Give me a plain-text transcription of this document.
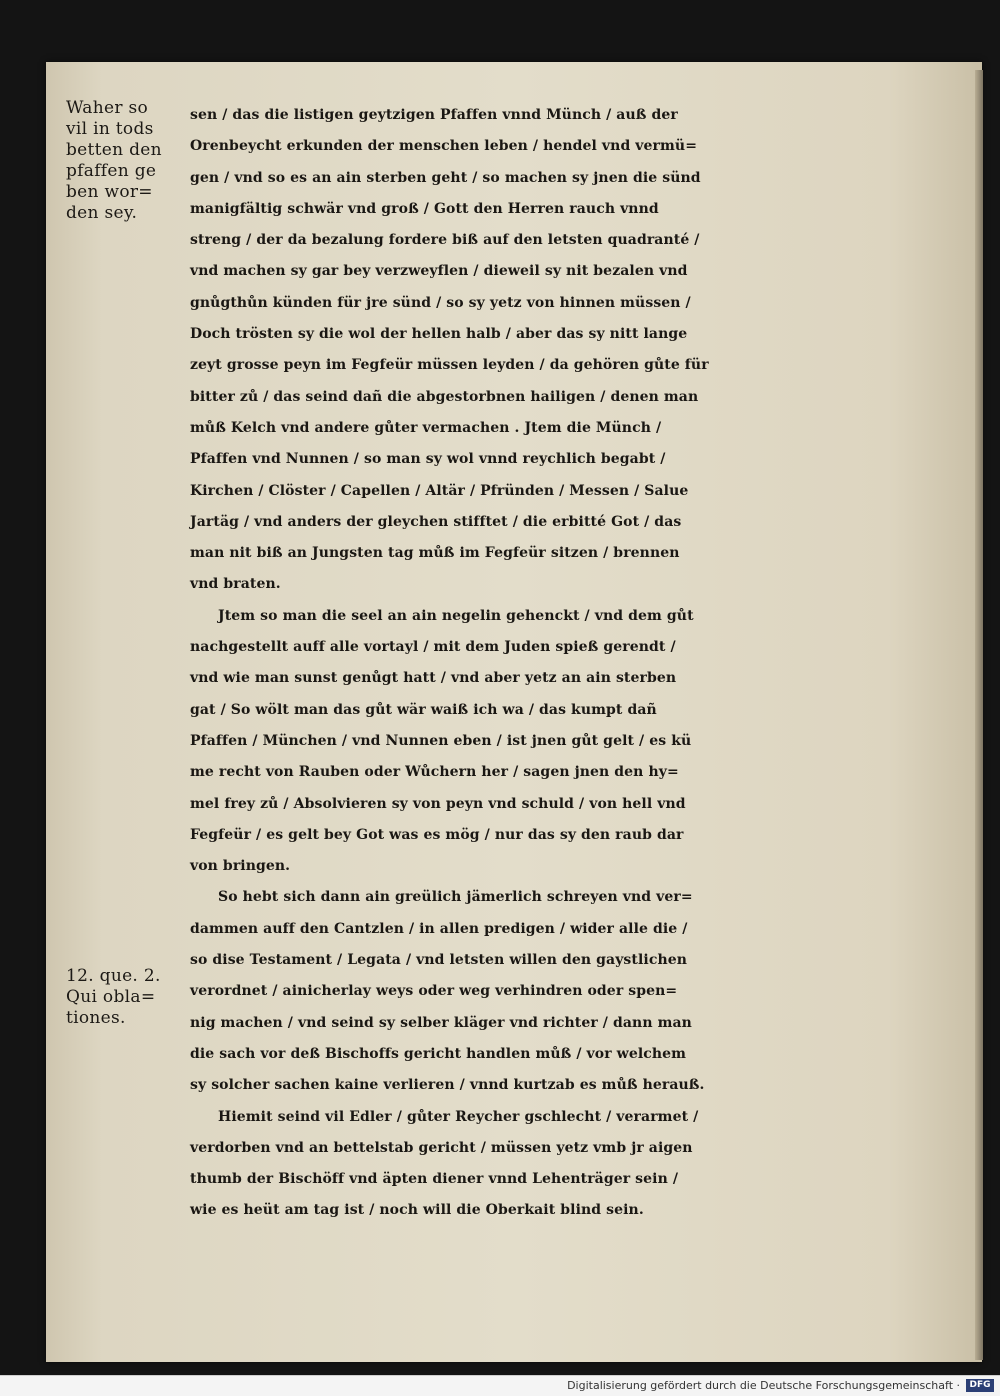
Waher so
vil in tods
betten den
pfaffen ge
ben wor=
den sey.
12. que. 2.
Qui obla=
tiones.
sen / das die listigen geytzigen Pfaffen vnnd Münch / auß der
Orenbeycht erkunden der menschen leben / hendel vnd vermü=
gen / vnd so es an ain sterben geht / so machen sy jnen die sünd
manigfältig schwär vnd groß / Gott den Herren rauch vnnd
streng / der da bezalung fordere biß auf den letsten quadranté /
vnd machen sy gar bey verzweyflen / dieweil sy nit bezalen vnd
gnůgthůn künden für jre sünd / so sy yetz von hinnen müssen /
Doch trösten sy die wol der hellen halb / aber das sy nitt lange
zeyt grosse peyn im Fegfeür müssen leyden / da gehören gůte für
bitter zů / das seind dañ die abgestorbnen hailigen / denen man
můß Kelch vnd andere gůter vermachen . Jtem die Münch /
Pfaffen vnd Nunnen / so man sy wol vnnd reychlich begabt /
Kirchen / Clöster / Capellen / Altär / Pfründen / Messen / Salue
Jartäg / vnd anders der gleychen stifftet / die erbitté Got / das
man nit biß an Jungsten tag můß im Fegfeür sitzen / brennen
vnd braten.
Jtem so man die seel an ain negelin gehenckt / vnd dem gůt
nachgestellt auff alle vortayl / mit dem Juden spieß gerendt /
vnd wie man sunst genůgt hatt / vnd aber yetz an ain sterben
gat / So wölt man das gůt wär waiß ich wa / das kumpt dañ
Pfaffen / München / vnd Nunnen eben / ist jnen gůt gelt / es kü
me recht von Rauben oder Wůchern her / sagen jnen den hy=
mel frey zů / Absolvieren sy von peyn vnd schuld / von hell vnd
Fegfeür / es gelt bey Got was es mög / nur das sy den raub dar
von bringen.
So hebt sich dann ain greülich jämerlich schreyen vnd ver=
dammen auff den Cantzlen / in allen predigen / wider alle die /
so dise Testament / Legata / vnd letsten willen den gaystlichen
verordnet / ainicherlay weys oder weg verhindren oder spen=
nig machen / vnd seind sy selber kläger vnd richter / dann man
die sach vor deß Bischoffs gericht handlen můß / vor welchem
sy solcher sachen kaine verlieren / vnnd kurtzab es můß herauß.
Hiemit seind vil Edler / gůter Reycher gschlecht / verarmet /
verdorben vnd an bettelstab gericht / müssen yetz vmb jr aigen
thumb der Bischöff vnd äpten diener vnnd Lehenträger sein /
wie es heüt am tag ist / noch will die Oberkait blind sein.
Digitalisierung gefördert durch die Deutsche Forschungsgemeinschaft ·	DFG
